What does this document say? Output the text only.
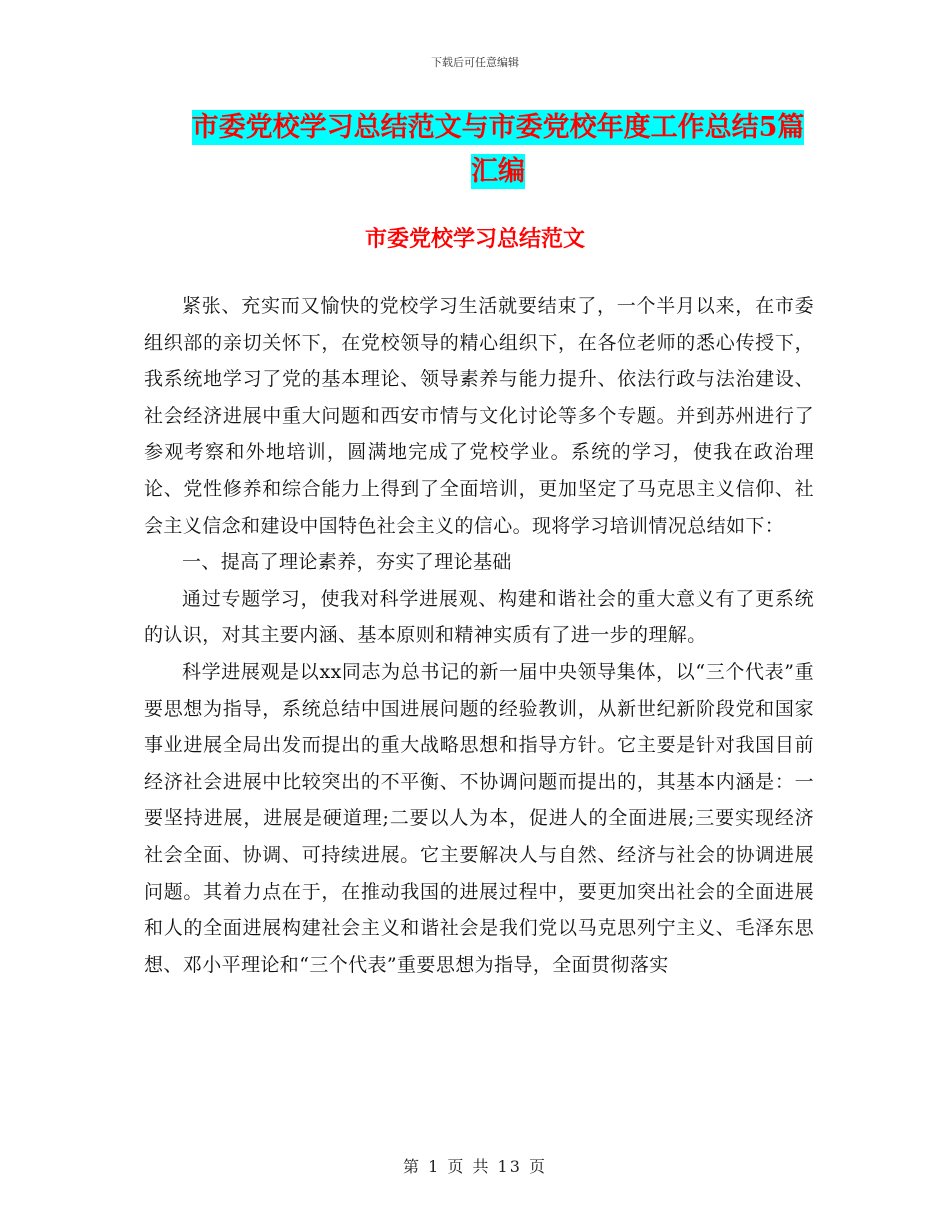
下载后可任意编辑
市委党校学习总结范文与市委党校年度工作总结5篇
汇编
市委党校学习总结范文

紧张、充实而又愉快的党校学习生活就要结束了，一个半月以来，在市委组织部的亲切关怀下，在党校领导的精心组织下，在各位老师的悉心传授下，我系统地学习了党的基本理论、领导素养与能力提升、依法行政与法治建设、社会经济进展中重大问题和西安市情与文化讨论等多个专题。并到苏州进行了参观考察和外地培训，圆满地完成了党校学业。系统的学习，使我在政治理论、党性修养和综合能力上得到了全面培训，更加坚定了马克思主义信仰、社会主义信念和建设中国特色社会主义的信心。现将学习培训情况总结如下：

一、提高了理论素养，夯实了理论基础

通过专题学习，使我对科学进展观、构建和谐社会的重大意义有了更系统的认识，对其主要内涵、基本原则和精神实质有了进一步的理解。

科学进展观是以xx同志为总书记的新一届中央领导集体，以“三个代表”重要思想为指导，系统总结中国进展问题的经验教训，从新世纪新阶段党和国家事业进展全局出发而提出的重大战略思想和指导方针。它主要是针对我国目前经济社会进展中比较突出的不平衡、不协调问题而提出的，其基本内涵是：一要坚持进展，进展是硬道理;二要以人为本，促进人的全面进展;三要实现经济社会全面、协调、可持续进展。它主要解决人与自然、经济与社会的协调进展问题。其着力点在于，在推动我国的进展过程中，要更加突出社会的全面进展和人的全面进展构建社会主义和谐社会是我们党以马克思列宁主义、毛泽东思想、邓小平理论和“三个代表”重要思想为指导，全面贯彻落实

第 1 页 共 13 页
